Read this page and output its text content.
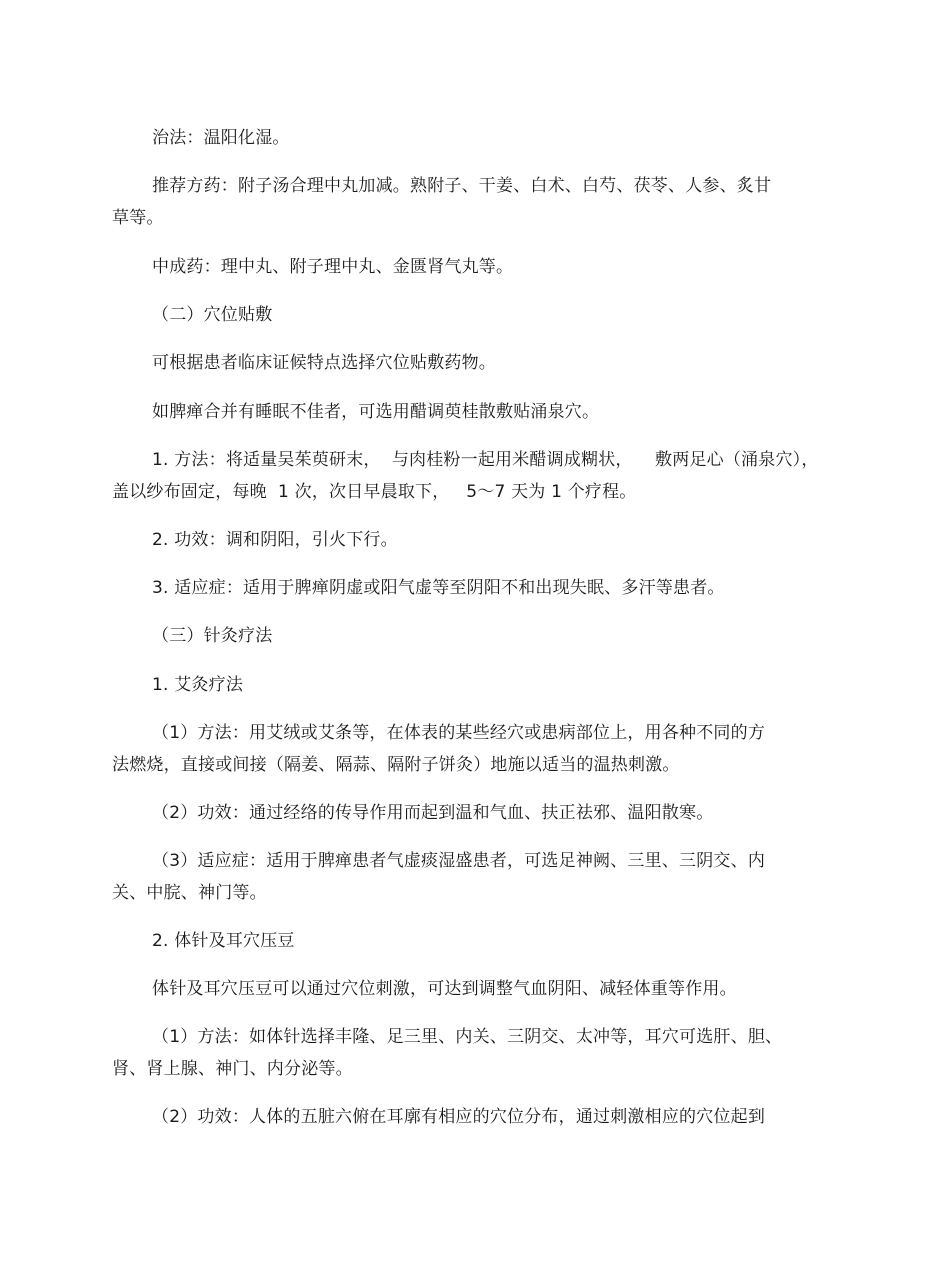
治法：温阳化湿。

推荐方药：附子汤合理中丸加减。熟附子、干姜、白术、白芍、茯苓、人参、炙甘

草等。

中成药：理中丸、附子理中丸、金匮肾气丸等。

（二）穴位贴敷

可根据患者临床证候特点选择穴位贴敷药物。

如脾瘅合并有睡眠不佳者，可选用醋调萸桂散敷贴涌泉穴。

1. 方法：将适量吴茱萸研末，  与肉桂粉一起用米醋调成糊状，    敷两足心（涌泉穴），

盖以纱布固定，每晚  1 次，次日早晨取下，   5～7 天为 1 个疗程。

2. 功效：调和阴阳，引火下行。

3. 适应症：适用于脾瘅阴虚或阳气虚等至阴阳不和出现失眠、多汗等患者。

（三）针灸疗法

1. 艾灸疗法

（1）方法：用艾绒或艾条等，在体表的某些经穴或患病部位上，用各种不同的方

法燃烧，直接或间接（隔姜、隔蒜、隔附子饼灸）地施以适当的温热刺激。

（2）功效：通过经络的传导作用而起到温和气血、扶正祛邪、温阳散寒。

（3）适应症：适用于脾瘅患者气虚痰湿盛患者，可选足神阙、三里、三阴交、内

关、中脘、神门等。

2. 体针及耳穴压豆

体针及耳穴压豆可以通过穴位刺激，可达到调整气血阴阳、减轻体重等作用。

（1）方法：如体针选择丰隆、足三里、内关、三阴交、太冲等，耳穴可选肝、胆、

肾、肾上腺、神门、内分泌等。

（2）功效：人体的五脏六俯在耳廓有相应的穴位分布，通过刺激相应的穴位起到
